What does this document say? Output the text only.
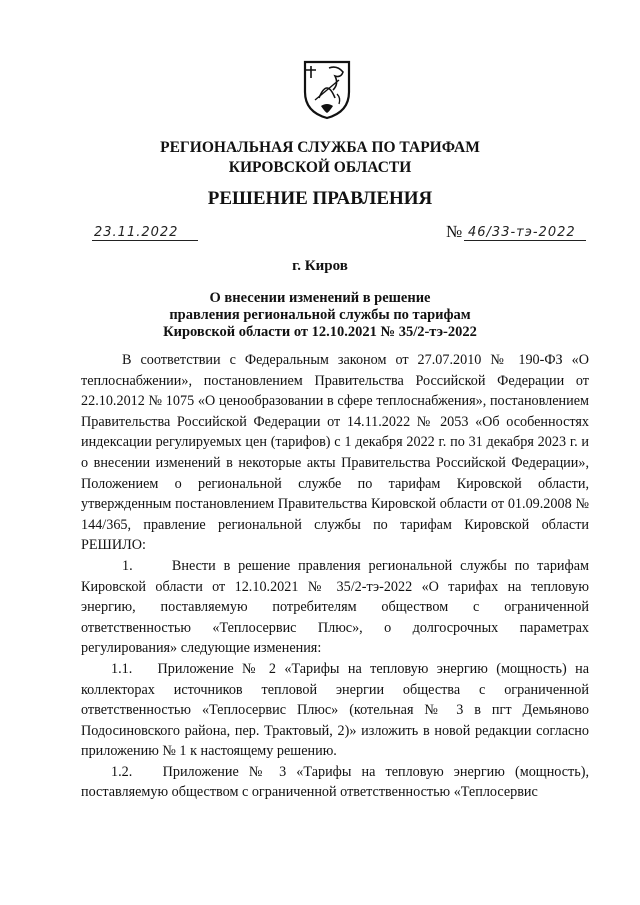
РЕГИОНАЛЬНАЯ СЛУЖБА ПО ТАРИФАМ
КИРОВСКОЙ ОБЛАСТИ
РЕШЕНИЕ ПРАВЛЕНИЯ
23.11.2022	№ 46/33-тэ-2022
г. Киров
О внесении изменений в решение
правления региональной службы по тарифам
Кировской области от 12.10.2021 № 35/2-тэ-2022

В соответствии с Федеральным законом от 27.07.2010 № 190-ФЗ «О теплоснабжении», постановлением Правительства Российской Федерации от 22.10.2012 № 1075 «О ценообразовании в сфере теплоснабжения», постановлением Правительства Российской Федерации от 14.11.2022 № 2053 «Об особенностях индексации регулируемых цен (тарифов) с 1 декабря 2022 г. по 31 декабря 2023 г. и о внесении изменений в некоторые акты Правительства Российской Федерации», Положением о региональной службе по тарифам Кировской области, утвержденным постановлением Правительства Кировской области от 01.09.2008 № 144/365, правление региональной службы по тарифам Кировской области РЕШИЛО:

1.     Внести в решение правления региональной службы по тарифам Кировской области от 12.10.2021 № 35/2-тэ-2022 «О тарифах на тепловую энергию, поставляемую потребителям обществом с ограниченной ответственностью «Теплосервис Плюс», о долгосрочных параметрах регулирования» следующие изменения:

1.1.   Приложение № 2 «Тарифы на тепловую энергию (мощность) на коллекторах источников тепловой энергии общества с ограниченной ответственностью «Теплосервис Плюс» (котельная № 3 в пгт Демьяново Подосиновского района, пер. Трактовый, 2)» изложить в новой редакции согласно приложению № 1 к настоящему решению.

1.2.   Приложение № 3 «Тарифы на тепловую энергию (мощность), поставляемую обществом с ограниченной ответственностью «Теплосервис
